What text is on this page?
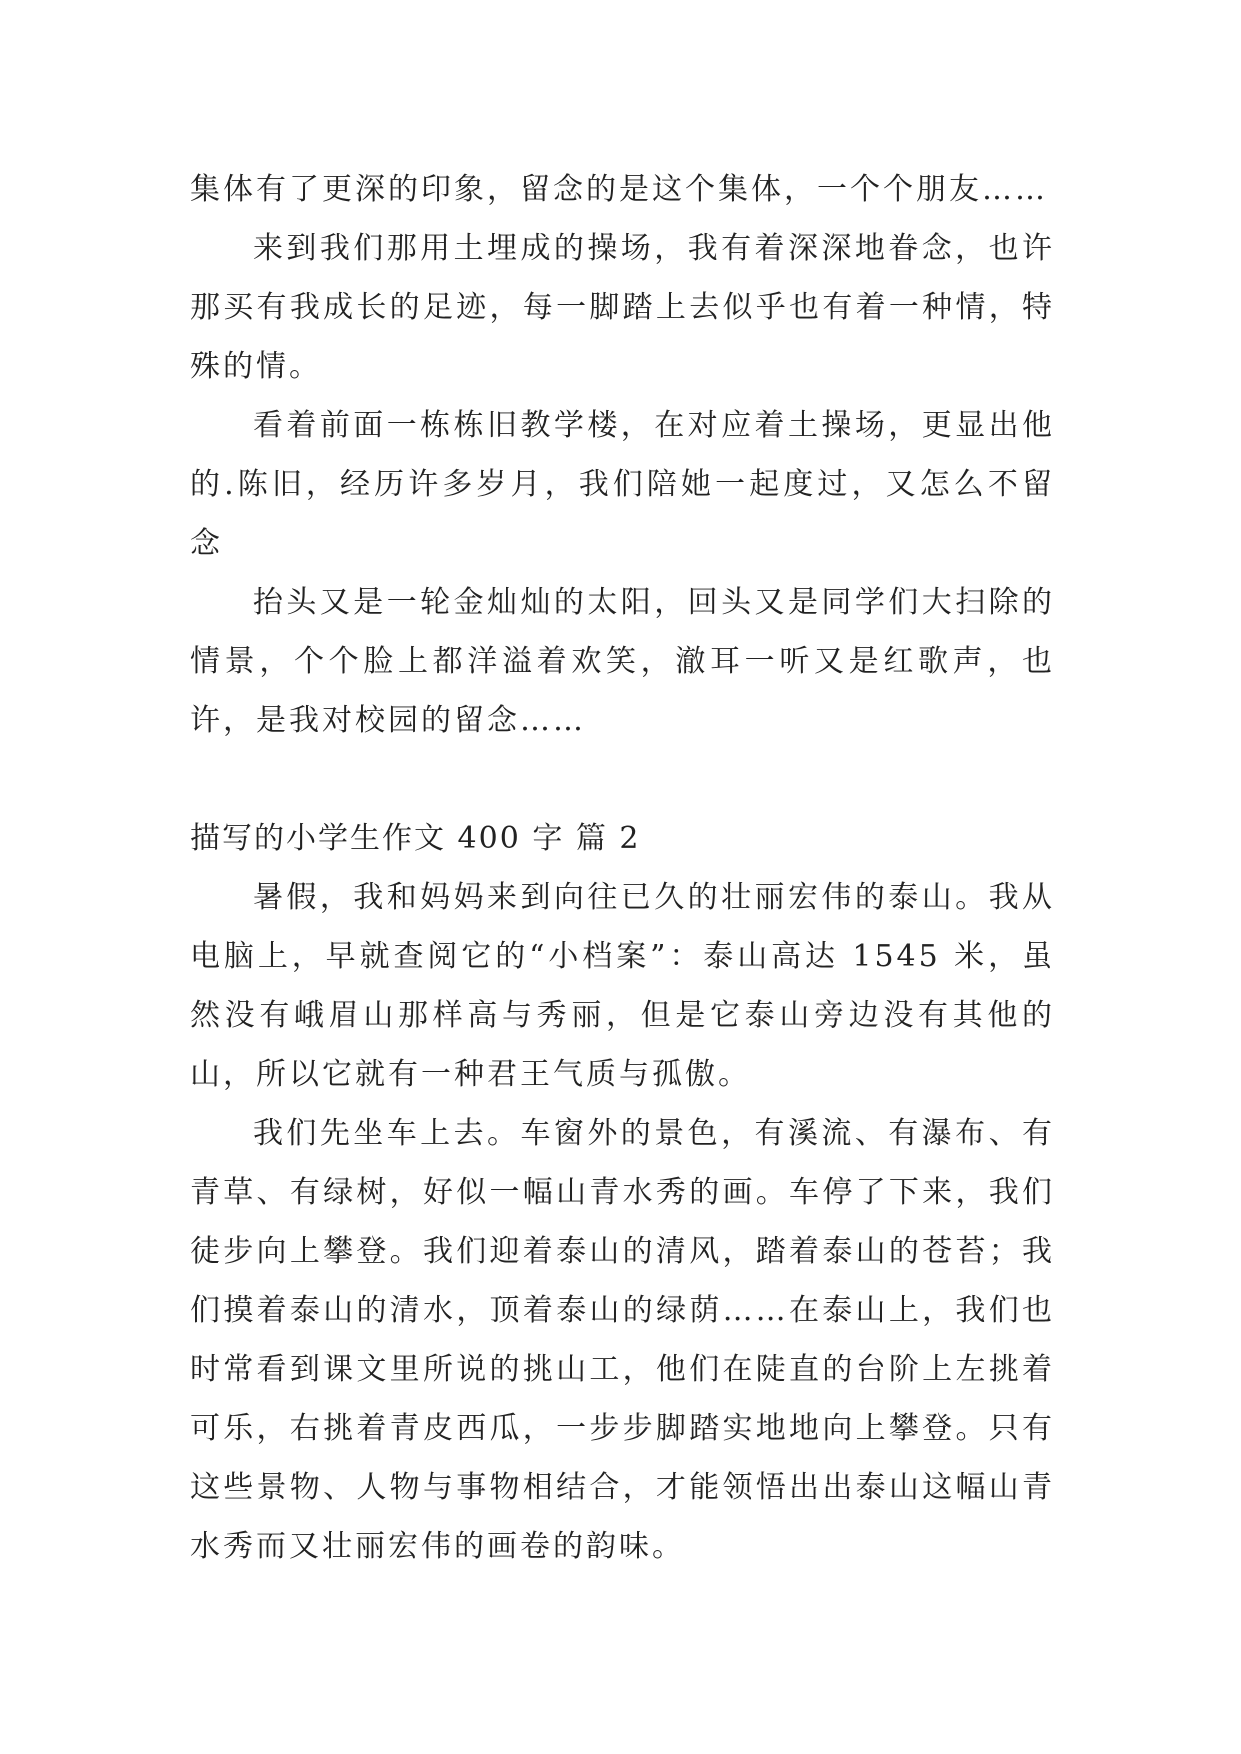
集体有了更深的印象，留念的是这个集体，一个个朋友……

来到我们那用土埋成的操场，我有着深深地眷念，也许那买有我成长的足迹，每一脚踏上去似乎也有着一种情，特殊的情。

看着前面一栋栋旧教学楼，在对应着土操场，更显出他的.陈旧，经历许多岁月，我们陪她一起度过，又怎么不留念

抬头又是一轮金灿灿的太阳，回头又是同学们大扫除的情景，个个脸上都洋溢着欢笑，澈耳一听又是红歌声，也许，是我对校园的留念……

描写的小学生作文 400 字 篇 2

暑假，我和妈妈来到向往已久的壮丽宏伟的泰山。我从电脑上，早就查阅它的“小档案”：泰山高达 1545 米，虽然没有峨眉山那样高与秀丽，但是它泰山旁边没有其他的山，所以它就有一种君王气质与孤傲。

我们先坐车上去。车窗外的景色，有溪流、有瀑布、有青草、有绿树，好似一幅山青水秀的画。车停了下来，我们徒步向上攀登。我们迎着泰山的清风，踏着泰山的苍苔；我们摸着泰山的清水，顶着泰山的绿荫……在泰山上，我们也时常看到课文里所说的挑山工，他们在陡直的台阶上左挑着可乐，右挑着青皮西瓜，一步步脚踏实地地向上攀登。只有这些景物、人物与事物相结合，才能领悟出出泰山这幅山青水秀而又壮丽宏伟的画卷的韵味。
